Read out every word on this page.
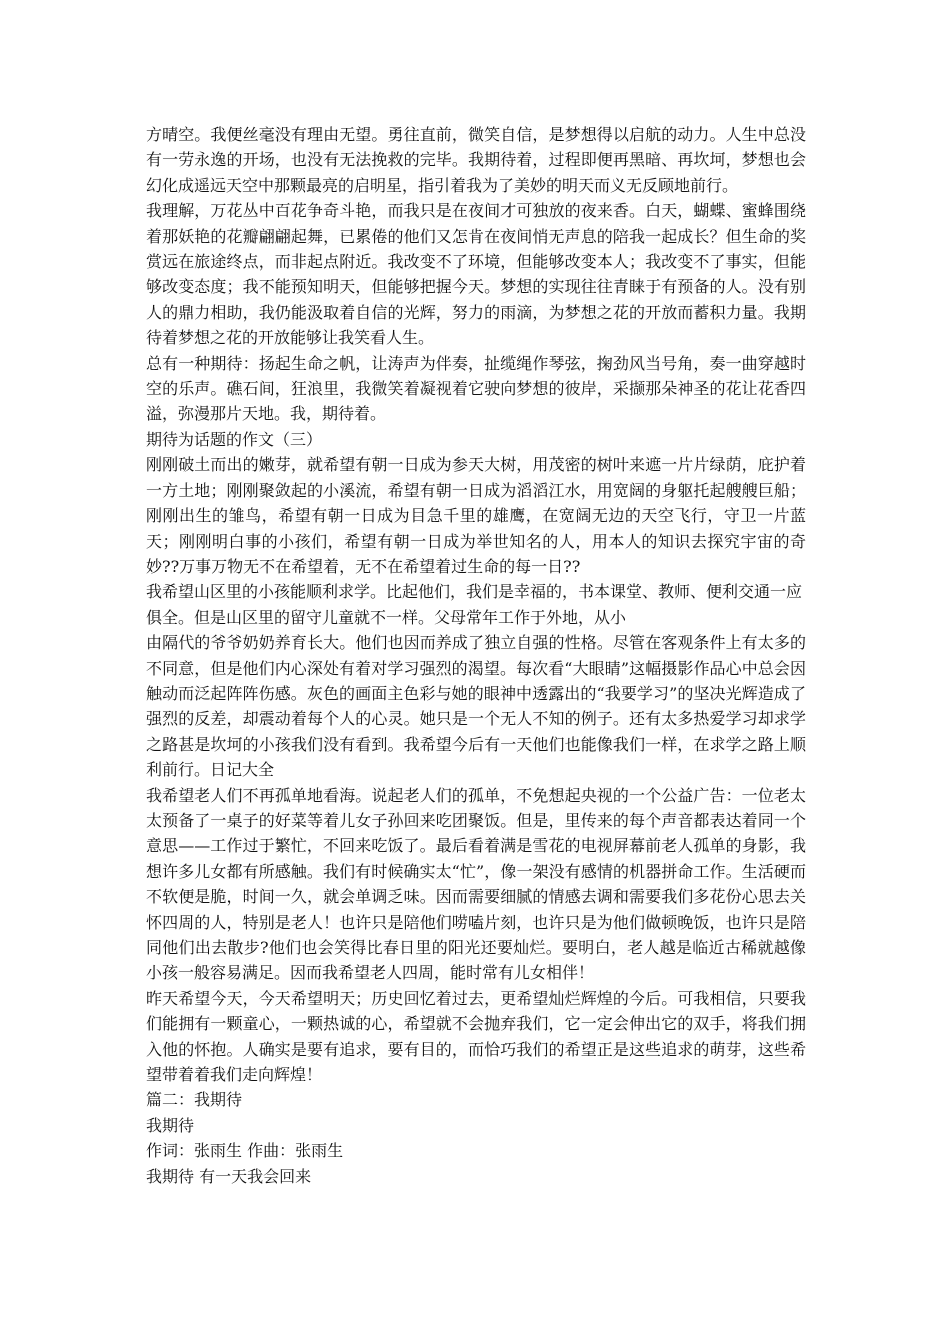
方晴空。我便丝毫没有理由无望。勇往直前，微笑自信，是梦想得以启航的动力。人生中总没有一劳永逸的开场，也没有无法挽救的完毕。我期待着，过程即便再黑暗、再坎坷，梦想也会幻化成遥远天空中那颗最亮的启明星，指引着我为了美妙的明天而义无反顾地前行。

我理解，万花丛中百花争奇斗艳，而我只是在夜间才可独放的夜来香。白天，蝴蝶、蜜蜂围绕着那妖艳的花瓣翩翩起舞，已累倦的他们又怎肯在夜间悄无声息的陪我一起成长？但生命的奖赏远在旅途终点，而非起点附近。我改变不了环境，但能够改变本人；我改变不了事实，但能够改变态度；我不能预知明天，但能够把握今天。梦想的实现往往青睐于有预备的人。没有别人的鼎力相助，我仍能汲取着自信的光辉，努力的雨滴，为梦想之花的开放而蓄积力量。我期待着梦想之花的开放能够让我笑看人生。

总有一种期待：扬起生命之帆，让涛声为伴奏，扯缆绳作琴弦，掬劲风当号角，奏一曲穿越时空的乐声。礁石间，狂浪里，我微笑着凝视着它驶向梦想的彼岸，采撷那朵神圣的花让花香四溢，弥漫那片天地。我，期待着。

期待为话题的作文（三）

刚刚破土而出的嫩芽，就希望有朝一日成为参天大树，用茂密的树叶来遮一片片绿荫，庇护着一方土地；刚刚聚敛起的小溪流，希望有朝一日成为滔滔江水，用宽阔的身躯托起艘艘巨船；刚刚出生的雏鸟，希望有朝一日成为目急千里的雄鹰，在宽阔无边的天空飞行，守卫一片蓝天；刚刚明白事的小孩们，希望有朝一日成为举世知名的人，用本人的知识去探究宇宙的奇妙??万事万物无不在希望着，无不在希望着过生命的每一日??

我希望山区里的小孩能顺利求学。比起他们，我们是幸福的，书本课堂、教师、便利交通一应俱全。但是山区里的留守儿童就不一样。父母常年工作于外地，从小

由隔代的爷爷奶奶养育长大。他们也因而养成了独立自强的性格。尽管在客观条件上有太多的不同意，但是他们内心深处有着对学习强烈的渴望。每次看“大眼睛”这幅摄影作品心中总会因触动而泛起阵阵伤感。灰色的画面主色彩与她的眼神中透露出的“我要学习”的坚决光辉造成了强烈的反差，却震动着每个人的心灵。她只是一个无人不知的例子。还有太多热爱学习却求学之路甚是坎坷的小孩我们没有看到。我希望今后有一天他们也能像我们一样，在求学之路上顺利前行。日记大全

我希望老人们不再孤单地看海。说起老人们的孤单，不免想起央视的一个公益广告：一位老太太预备了一桌子的好菜等着儿女子孙回来吃团聚饭。但是，里传来的每个声音都表达着同一个意思——工作过于繁忙，不回来吃饭了。最后看着满是雪花的电视屏幕前老人孤单的身影，我想许多儿女都有所感触。我们有时候确实太“忙”，像一架没有感情的机器拼命工作。生活硬而不软便是脆，时间一久，就会单调乏味。因而需要细腻的情感去调和需要我们多花份心思去关怀四周的人，特别是老人！也许只是陪他们唠嗑片刻，也许只是为他们做顿晚饭，也许只是陪同他们出去散步?他们也会笑得比春日里的阳光还要灿烂。要明白，老人越是临近古稀就越像小孩一般容易满足。因而我希望老人四周，能时常有儿女相伴！

昨天希望今天，今天希望明天；历史回忆着过去，更希望灿烂辉煌的今后。可我相信，只要我们能拥有一颗童心，一颗热诚的心，希望就不会抛弃我们，它一定会伸出它的双手，将我们拥入他的怀抱。人确实是要有追求，要有目的，而恰巧我们的希望正是这些追求的萌芽，这些希望带着着我们走向辉煌！

篇二：我期待

我期待

作词：张雨生 作曲：张雨生

我期待 有一天我会回来
